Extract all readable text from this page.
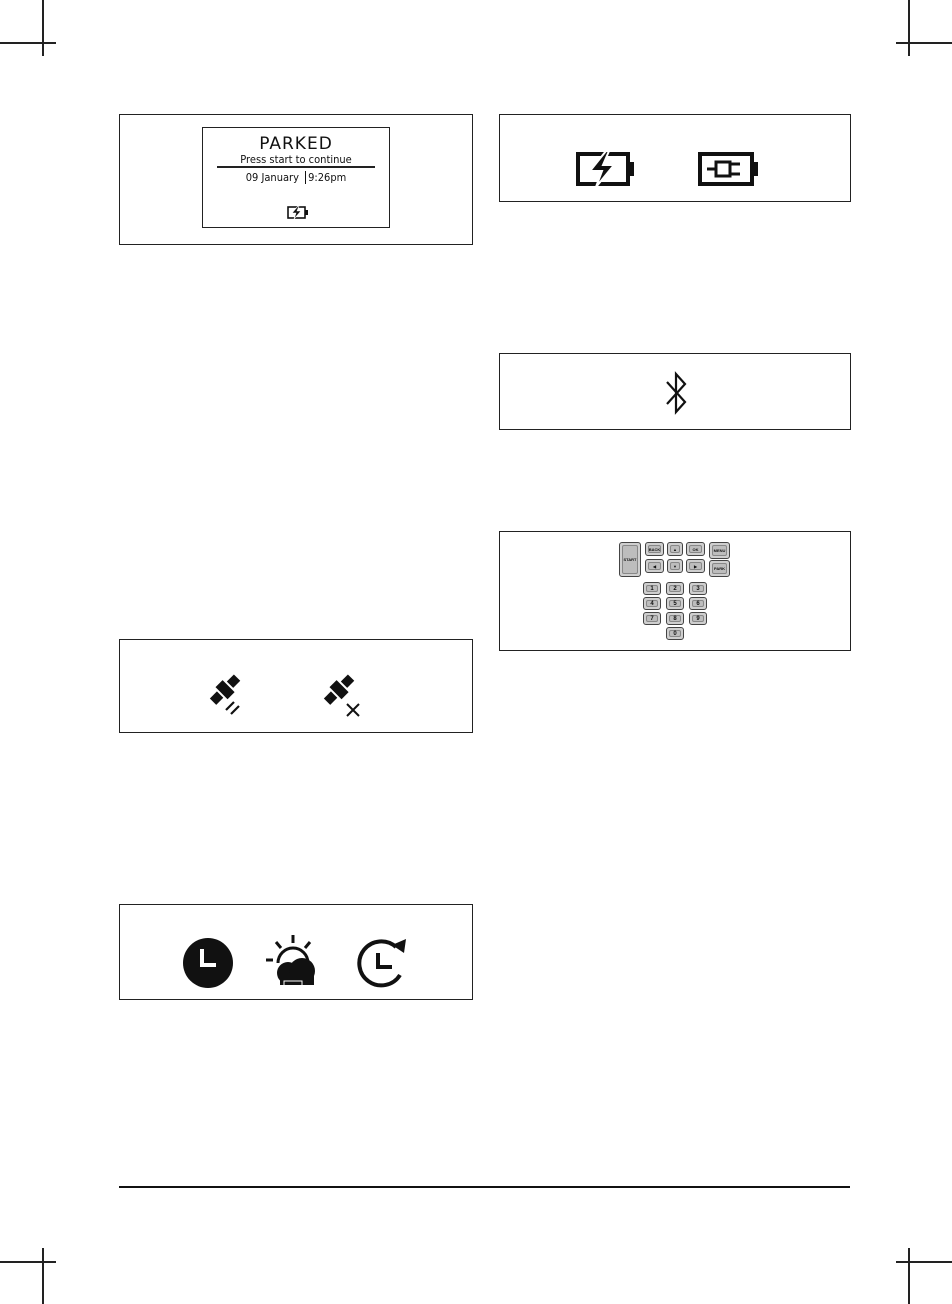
PARKED
Press start to continue
09 January 9:26pm
START
BACK	▲	OK	MENU
◀	▼	▶	PARK
1	2	3
4	5	6
7	8	9
0
